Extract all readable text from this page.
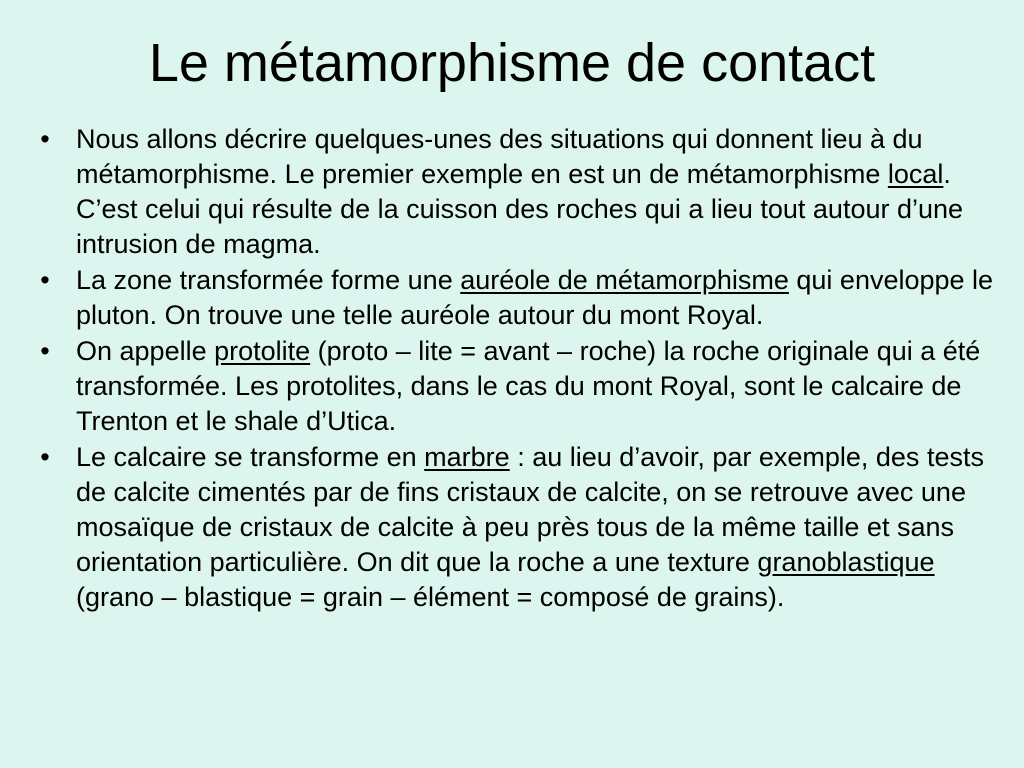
Le métamorphisme de contact
• Nous allons décrire quelques-unes des situations qui donnent lieu à du métamorphisme. Le premier exemple en est un de métamorphisme local. C’est celui qui résulte de la cuisson des roches qui a lieu tout autour d’une intrusion de magma.
• La zone transformée forme une auréole de métamorphisme qui enveloppe le pluton. On trouve une telle auréole autour du mont Royal.
• On appelle protolite (proto – lite = avant – roche) la roche originale qui a été transformée. Les protolites, dans le cas du mont Royal, sont le calcaire de Trenton et le shale d’Utica.
• Le calcaire se transforme en marbre : au lieu d’avoir, par exemple, des tests de calcite cimentés par de fins cristaux de calcite, on se retrouve avec une mosaïque de cristaux de calcite à peu près tous de la même taille et sans orientation particulière. On dit que la roche a une texture granoblastique (grano – blastique = grain – élément = composé de grains).
